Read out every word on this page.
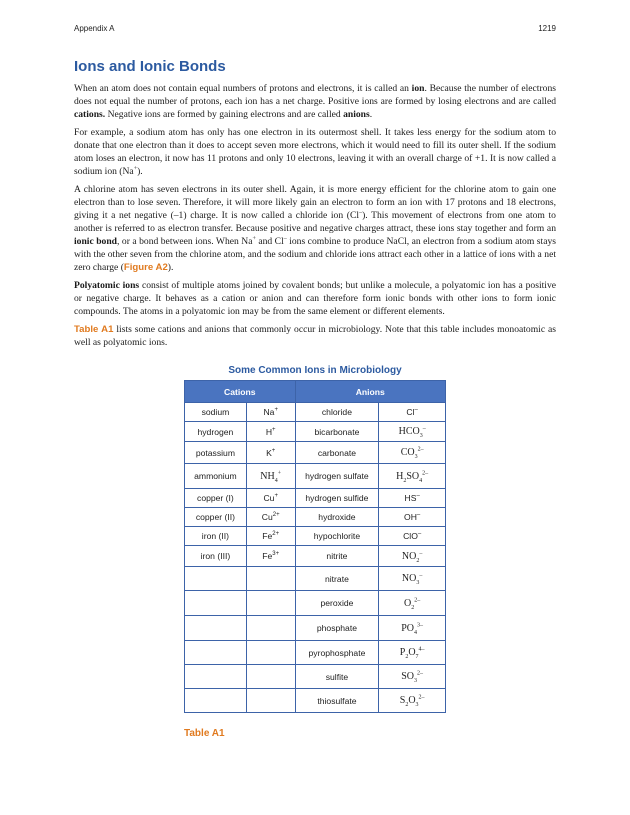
Appendix A	1219
Ions and Ionic Bonds

When an atom does not contain equal numbers of protons and electrons, it is called an ion. Because the number of electrons does not equal the number of protons, each ion has a net charge. Positive ions are formed by losing electrons and are called cations. Negative ions are formed by gaining electrons and are called anions.

For example, a sodium atom has only has one electron in its outermost shell. It takes less energy for the sodium atom to donate that one electron than it does to accept seven more electrons, which it would need to fill its outer shell. If the sodium atom loses an electron, it now has 11 protons and only 10 electrons, leaving it with an overall charge of +1. It is now called a sodium ion (Na+).

A chlorine atom has seven electrons in its outer shell. Again, it is more energy efficient for the chlorine atom to gain one electron than to lose seven. Therefore, it will more likely gain an electron to form an ion with 17 protons and 18 electrons, giving it a net negative (–1) charge. It is now called a chloride ion (Cl–). This movement of electrons from one atom to another is referred to as electron transfer. Because positive and negative charges attract, these ions stay together and form an ionic bond, or a bond between ions. When Na+ and Cl– ions combine to produce NaCl, an electron from a sodium atom stays with the other seven from the chlorine atom, and the sodium and chloride ions attract each other in a lattice of ions with a net zero charge (Figure A2).

Polyatomic ions consist of multiple atoms joined by covalent bonds; but unlike a molecule, a polyatomic ion has a positive or negative charge. It behaves as a cation or anion and can therefore form ionic bonds with other ions to form ionic compounds. The atoms in a polyatomic ion may be from the same element or different elements.

Table A1 lists some cations and anions that commonly occur in microbiology. Note that this table includes monoatomic as well as polyatomic ions.

Some Common Ions in Microbiology
Cations		Anions	
sodium	Na+	chloride	Cl–
hydrogen	H+	bicarbonate	$HCO_3^-$
potassium	K+	carbonate	$CO_3^{2-}$
ammonium	$NH_4^+$	hydrogen sulfate	$H_2SO_4^{2-}$
copper (I)	Cu+	hydrogen sulfide	HS–
copper (II)	$Cu^{2+}$	hydroxide	OH–
iron (II)	$Fe^{2+}$	hypochlorite	ClO–
iron (III)	$Fe^{3+}$	nitrite	$NO_2^-$
		nitrate	$NO_3^-$
		peroxide	$O_2^{2-}$
		phosphate	$PO_4^{3-}$
		pyrophosphate	$P_2O_7^{4-}$
		sulfite	$SO_3^{2-}$
		thiosulfate	$S_2O_3^{2-}$
Table A1
